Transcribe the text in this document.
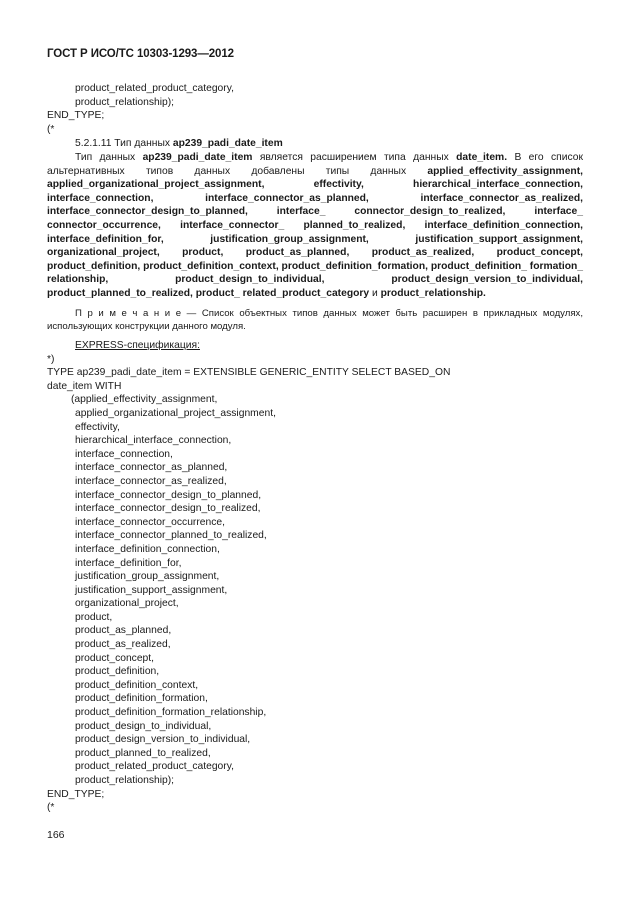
ГОСТ Р ИСО/ТС 10303-1293—2012
product_related_product_category,
product_relationship);
END_TYPE;
(*
5.2.1.11 Тип данных ap239_padi_date_item
Тип данных ap239_padi_date_item является расширением типа данных date_item. В его список альтернативных типов данных добавлены типы данных applied_effectivity_assignment, applied_organizational_project_assignment, effectivity, hierarchical_interface_connection, interface_connection, interface_connector_as_planned, interface_connector_as_realized, interface_connector_design_to_planned, interface_ connector_design_to_realized, interface_ connector_occurrence, interface_connector_ planned_to_realized, interface_definition_connection, interface_definition_for, justification_group_assignment, justification_support_assignment, organizational_project, product, product_as_planned, product_as_realized, product_concept, product_definition, product_definition_context, product_definition_formation, product_definition_ formation_ relationship, product_design_to_individual, product_design_version_to_individual, product_planned_to_realized, product_ related_product_category и product_relationship.
П р и м е ч а н и е — Список объектных типов данных может быть расширен в прикладных модулях, использующих конструкции данного модуля.
EXPRESS-спецификация:
*)
TYPE ap239_padi_date_item = EXTENSIBLE GENERIC_ENTITY SELECT BASED_ON
date_item WITH
(applied_effectivity_assignment,
applied_organizational_project_assignment,
effectivity,
hierarchical_interface_connection,
interface_connection,
interface_connector_as_planned,
interface_connector_as_realized,
interface_connector_design_to_planned,
interface_connector_design_to_realized,
interface_connector_occurrence,
interface_connector_planned_to_realized,
interface_definition_connection,
interface_definition_for,
justification_group_assignment,
justification_support_assignment,
organizational_project,
product,
product_as_planned,
product_as_realized,
product_concept,
product_definition,
product_definition_context,
product_definition_formation,
product_definition_formation_relationship,
product_design_to_individual,
product_design_version_to_individual,
product_planned_to_realized,
product_related_product_category,
product_relationship);
END_TYPE;
(*
166
